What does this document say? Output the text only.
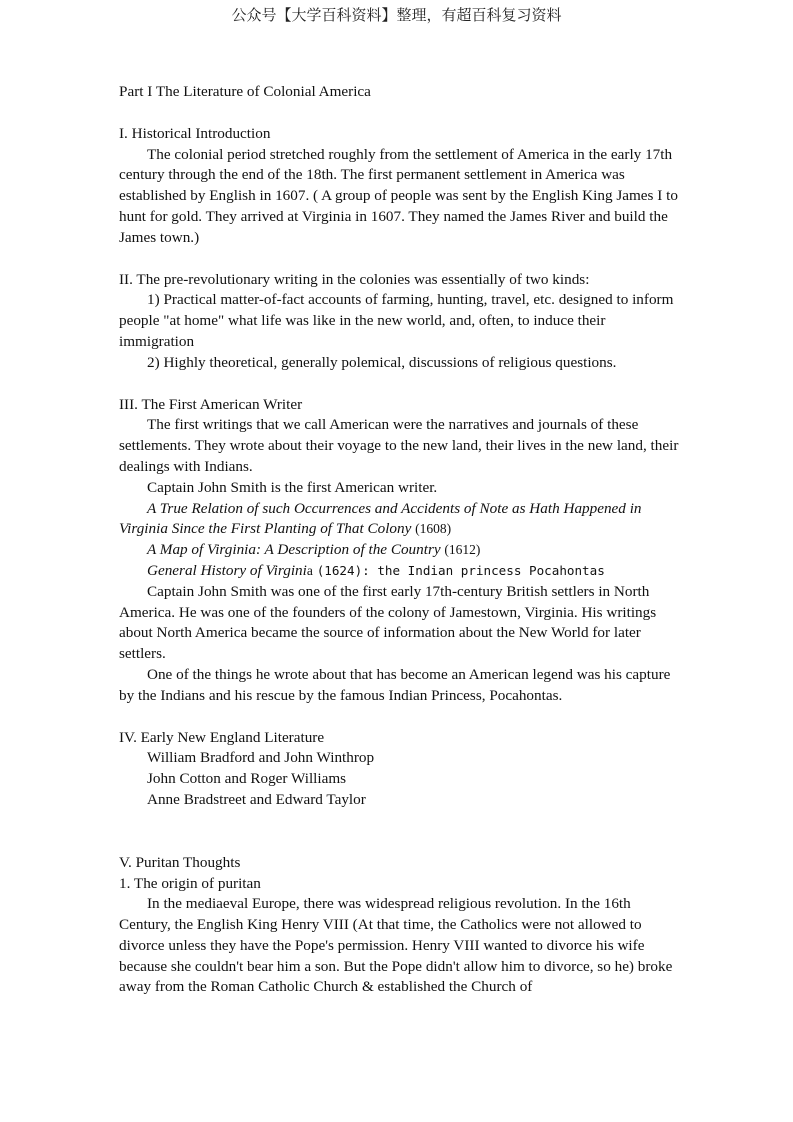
公众号【大学百科资料】整理，有超百科复习资料

Part I The Literature of Colonial America

I. Historical Introduction

The colonial period stretched roughly from the settlement of America in the early 17th century through the end of the 18th. The first permanent settlement in America was established by English in 1607. ( A group of people was sent by the English King James I to hunt for gold. They arrived at Virginia in 1607. They named the James River and build the James town.)

II. The pre-revolutionary writing in the colonies was essentially of two kinds:

1) Practical matter-of-fact accounts of farming, hunting, travel, etc. designed to inform people "at home" what life was like in the new world, and, often, to induce their immigration

2) Highly theoretical, generally polemical, discussions of religious questions.

III. The First American Writer

The first writings that we call American were the narratives and journals of these settlements. They wrote about their voyage to the new land, their lives in the new land, their dealings with Indians.

Captain John Smith is the first American writer.

A True Relation of such Occurrences and Accidents of Note as Hath Happened in Virginia Since the First Planting of That Colony (1608)

A Map of Virginia: A Description of the Country (1612)

General History of Virginia (1624): the Indian princess Pocahontas

Captain John Smith was one of the first early 17th-century British settlers in North America. He was one of the founders of the colony of Jamestown, Virginia. His writings about North America became the source of information about the New World for later settlers.

One of the things he wrote about that has become an American legend was his capture by the Indians and his rescue by the famous Indian Princess, Pocahontas.

IV. Early New England Literature

William Bradford and John Winthrop

John Cotton and Roger Williams

Anne Bradstreet and Edward Taylor

V. Puritan Thoughts

1. The origin of puritan

In the mediaeval Europe, there was widespread religious revolution. In the 16th Century, the English King Henry VIII (At that time, the Catholics were not allowed to divorce unless they have the Pope's permission. Henry VIII wanted to divorce his wife because she couldn't bear him a son. But the Pope didn't allow him to divorce, so he) broke away from the Roman Catholic Church & established the Church of
